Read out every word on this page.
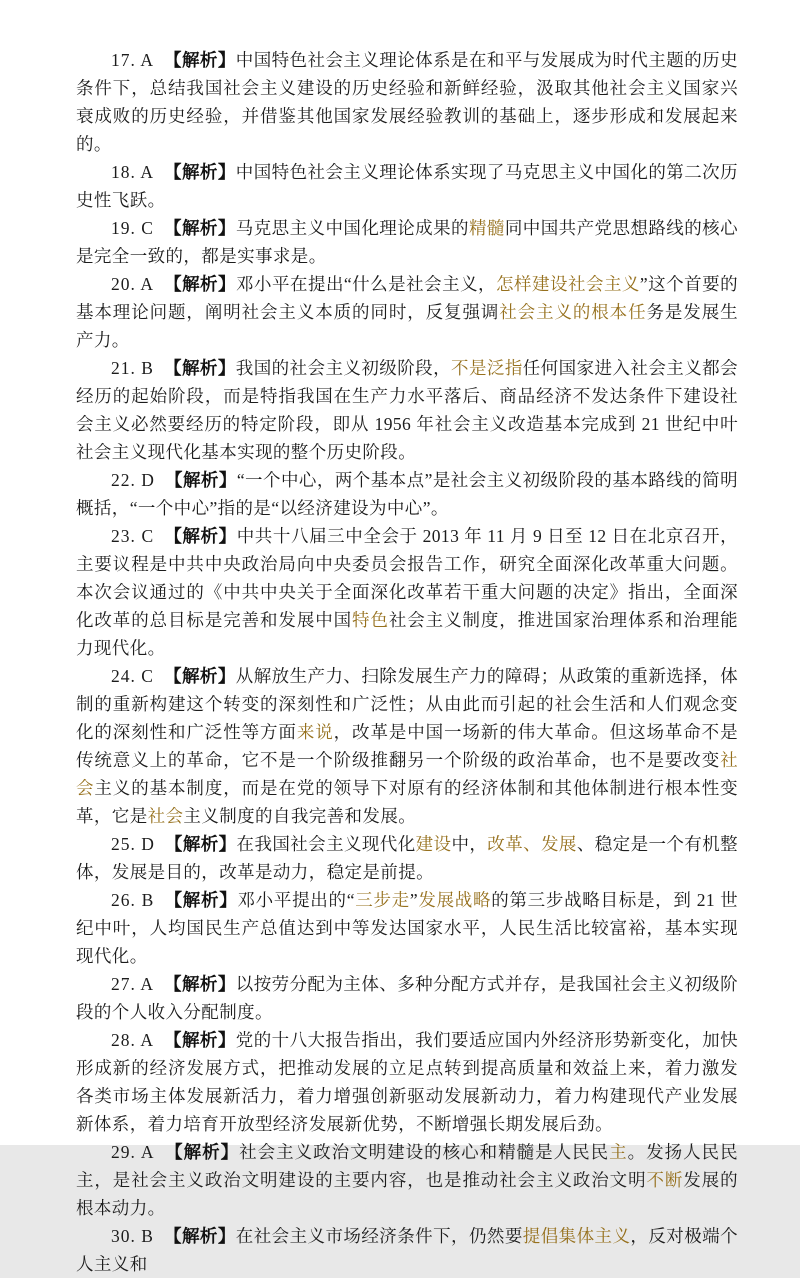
17. A 【解析】中国特色社会主义理论体系是在和平与发展成为时代主题的历史条件下，总结我国社会主义建设的历史经验和新鲜经验，汲取其他社会主义国家兴衰成败的历史经验，并借鉴其他国家发展经验教训的基础上，逐步形成和发展起来的。

18. A 【解析】中国特色社会主义理论体系实现了马克思主义中国化的第二次历史性飞跃。

19. C 【解析】马克思主义中国化理论成果的精髓同中国共产党思想路线的核心是完全一致的，都是实事求是。

20. A 【解析】邓小平在提出“什么是社会主义，怎样建设社会主义”这个首要的基本理论问题，阐明社会主义本质的同时，反复强调社会主义的根本任务是发展生产力。

21. B 【解析】我国的社会主义初级阶段，不是泛指任何国家进入社会主义都会经历的起始阶段，而是特指我国在生产力水平落后、商品经济不发达条件下建设社会主义必然要经历的特定阶段，即从 1956 年社会主义改造基本完成到 21 世纪中叶社会主义现代化基本实现的整个历史阶段。

22. D 【解析】“一个中心，两个基本点”是社会主义初级阶段的基本路线的简明概括，“一个中心”指的是“以经济建设为中心”。

23. C 【解析】中共十八届三中全会于 2013 年 11 月 9 日至 12 日在北京召开，主要议程是中共中央政治局向中央委员会报告工作，研究全面深化改革重大问题。本次会议通过的《中共中央关于全面深化改革若干重大问题的决定》指出，全面深化改革的总目标是完善和发展中国特色社会主义制度，推进国家治理体系和治理能力现代化。

24. C 【解析】从解放生产力、扫除发展生产力的障碍；从政策的重新选择，体制的重新构建这个转变的深刻性和广泛性；从由此而引起的社会生活和人们观念变化的深刻性和广泛性等方面来说，改革是中国一场新的伟大革命。但这场革命不是传统意义上的革命，它不是一个阶级推翻另一个阶级的政治革命，也不是要改变社会主义的基本制度，而是在党的领导下对原有的经济体制和其他体制进行根本性变革，它是社会主义制度的自我完善和发展。

25. D 【解析】在我国社会主义现代化建设中，改革、发展、稳定是一个有机整体，发展是目的，改革是动力，稳定是前提。

26. B 【解析】邓小平提出的“三步走”发展战略的第三步战略目标是，到 21 世纪中叶，人均国民生产总值达到中等发达国家水平，人民生活比较富裕，基本实现现代化。

27. A 【解析】以按劳分配为主体、多种分配方式并存，是我国社会主义初级阶段的个人收入分配制度。

28. A 【解析】党的十八大报告指出，我们要适应国内外经济形势新变化，加快形成新的经济发展方式，把推动发展的立足点转到提高质量和效益上来，着力激发各类市场主体发展新活力，着力增强创新驱动发展新动力，着力构建现代产业发展新体系，着力培育开放型经济发展新优势，不断增强长期发展后劲。

29. A 【解析】社会主义政治文明建设的核心和精髓是人民民主。发扬人民民主，是社会主义政治文明建设的主要内容，也是推动社会主义政治文明不断发展的根本动力。

30. B 【解析】在社会主义市场经济条件下，仍然要提倡集体主义，反对极端个人主义和
